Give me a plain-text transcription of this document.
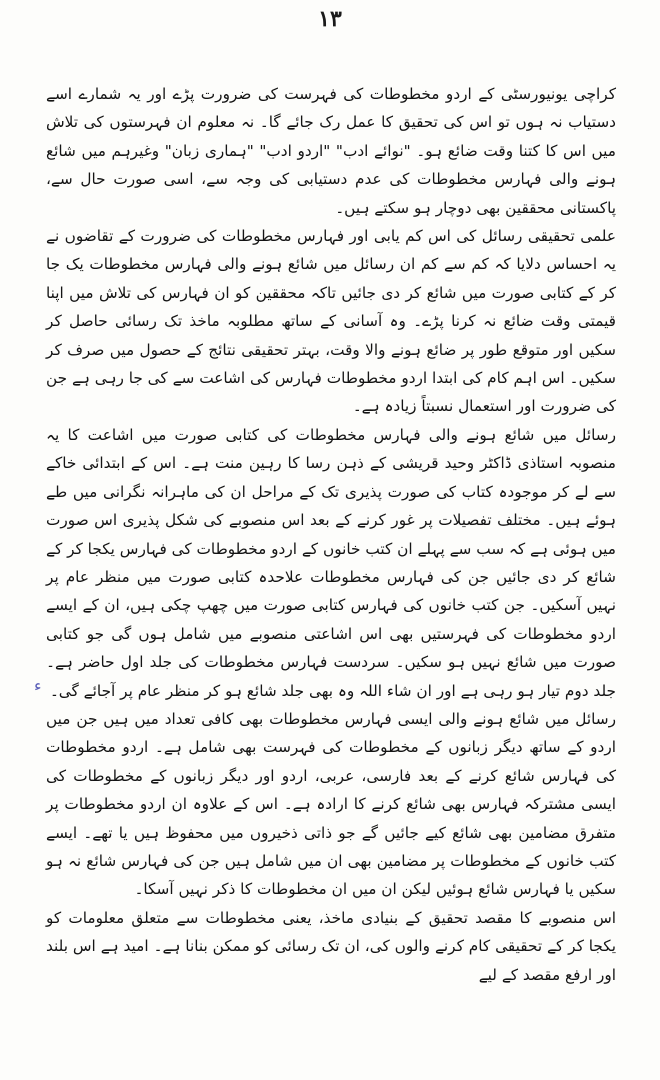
۱۳

کراچی یونیورسٹی کے اردو مخطوطات کی فہرست کی ضرورت پڑے اور یہ شمارے اسے دستیاب نہ ہوں تو اس کی تحقیق کا عمل رک جائے گا۔ نہ معلوم ان فہرستوں کی تلاش میں اس کا کتنا وقت ضائع ہو۔ "نوائے ادب" "اردو ادب" "ہماری زبان" وغیرہم میں شائع ہونے والی فہارس مخطوطات کی عدم دستیابی کی وجہ سے، اسی صورت حال سے، پاکستانی محققین بھی دوچار ہو سکتے ہیں۔

علمی تحقیقی رسائل کی اس کم یابی اور فہارس مخطوطات کی ضرورت کے تقاضوں نے یہ احساس دلایا کہ کم سے کم ان رسائل میں شائع ہونے والی فہارس مخطوطات یک جا کر کے کتابی صورت میں شائع کر دی جائیں تاکہ محققین کو ان فہارس کی تلاش میں اپنا قیمتی وقت ضائع نہ کرنا پڑے۔ وہ آسانی کے ساتھ مطلوبہ ماخذ تک رسائی حاصل کر سکیں اور متوقع طور پر ضائع ہونے والا وقت، بہتر تحقیقی نتائج کے حصول میں صرف کر سکیں۔ اس اہم کام کی ابتدا اردو مخطوطات فہارس کی اشاعت سے کی جا رہی ہے جن کی ضرورت اور استعمال نسبتاً زیادہ ہے۔

رسائل میں شائع ہونے والی فہارس مخطوطات کی کتابی صورت میں اشاعت کا یہ منصوبہ استاذی ڈاکٹر وحید قریشی کے ذہن رسا کا رہین منت ہے۔ اس کے ابتدائی خاکے سے لے کر موجودہ کتاب کی صورت پذیری تک کے مراحل ان کی ماہرانہ نگرانی میں طے ہوئے ہیں۔ مختلف تفصیلات پر غور کرنے کے بعد اس منصوبے کی شکل پذیری اس صورت میں ہوئی ہے کہ سب سے پہلے ان کتب خانوں کے اردو مخطوطات کی فہارس یکجا کر کے شائع کر دی جائیں جن کی فہارس مخطوطات علاحدہ کتابی صورت میں منظر عام پر نہیں آسکیں۔ جن کتب خانوں کی فہارس کتابی صورت میں چھپ چکی ہیں، ان کے ایسے اردو مخطوطات کی فہرستیں بھی اس اشاعتی منصوبے میں شامل ہوں گی جو کتابی صورت میں شائع نہیں ہو سکیں۔ سردست فہارس مخطوطات کی جلد اول حاضر ہے۔ جلد دوم تیار ہو رہی ہے اور ان شاء اللہ وہ بھی جلد شائع ہو کر منظر عام پر آجائے گی۔

رسائل میں شائع ہونے والی ایسی فہارس مخطوطات بھی کافی تعداد میں ہیں جن میں اردو کے ساتھ دیگر زبانوں کے مخطوطات کی فہرست بھی شامل ہے۔ اردو مخطوطات کی فہارس شائع کرنے کے بعد فارسی، عربی، اردو اور دیگر زبانوں کے مخطوطات کی ایسی مشترکہ فہارس بھی شائع کرنے کا ارادہ ہے۔ اس کے علاوہ ان اردو مخطوطات پر متفرق مضامین بھی شائع کیے جائیں گے جو ذاتی ذخیروں میں محفوظ ہیں یا تھے۔ ایسے کتب خانوں کے مخطوطات پر مضامین بھی ان میں شامل ہیں جن کی فہارس شائع نہ ہو سکیں یا فہارس شائع ہوئیں لیکن ان میں ان مخطوطات کا ذکر نہیں آسکا۔

اس منصوبے کا مقصد تحقیق کے بنیادی ماخذ، یعنی مخطوطات سے متعلق معلومات کو یکجا کر کے تحقیقی کام کرنے والوں کی، ان تک رسائی کو ممکن بنانا ہے۔ امید ہے اس بلند اور ارفع مقصد کے لیے

ء
